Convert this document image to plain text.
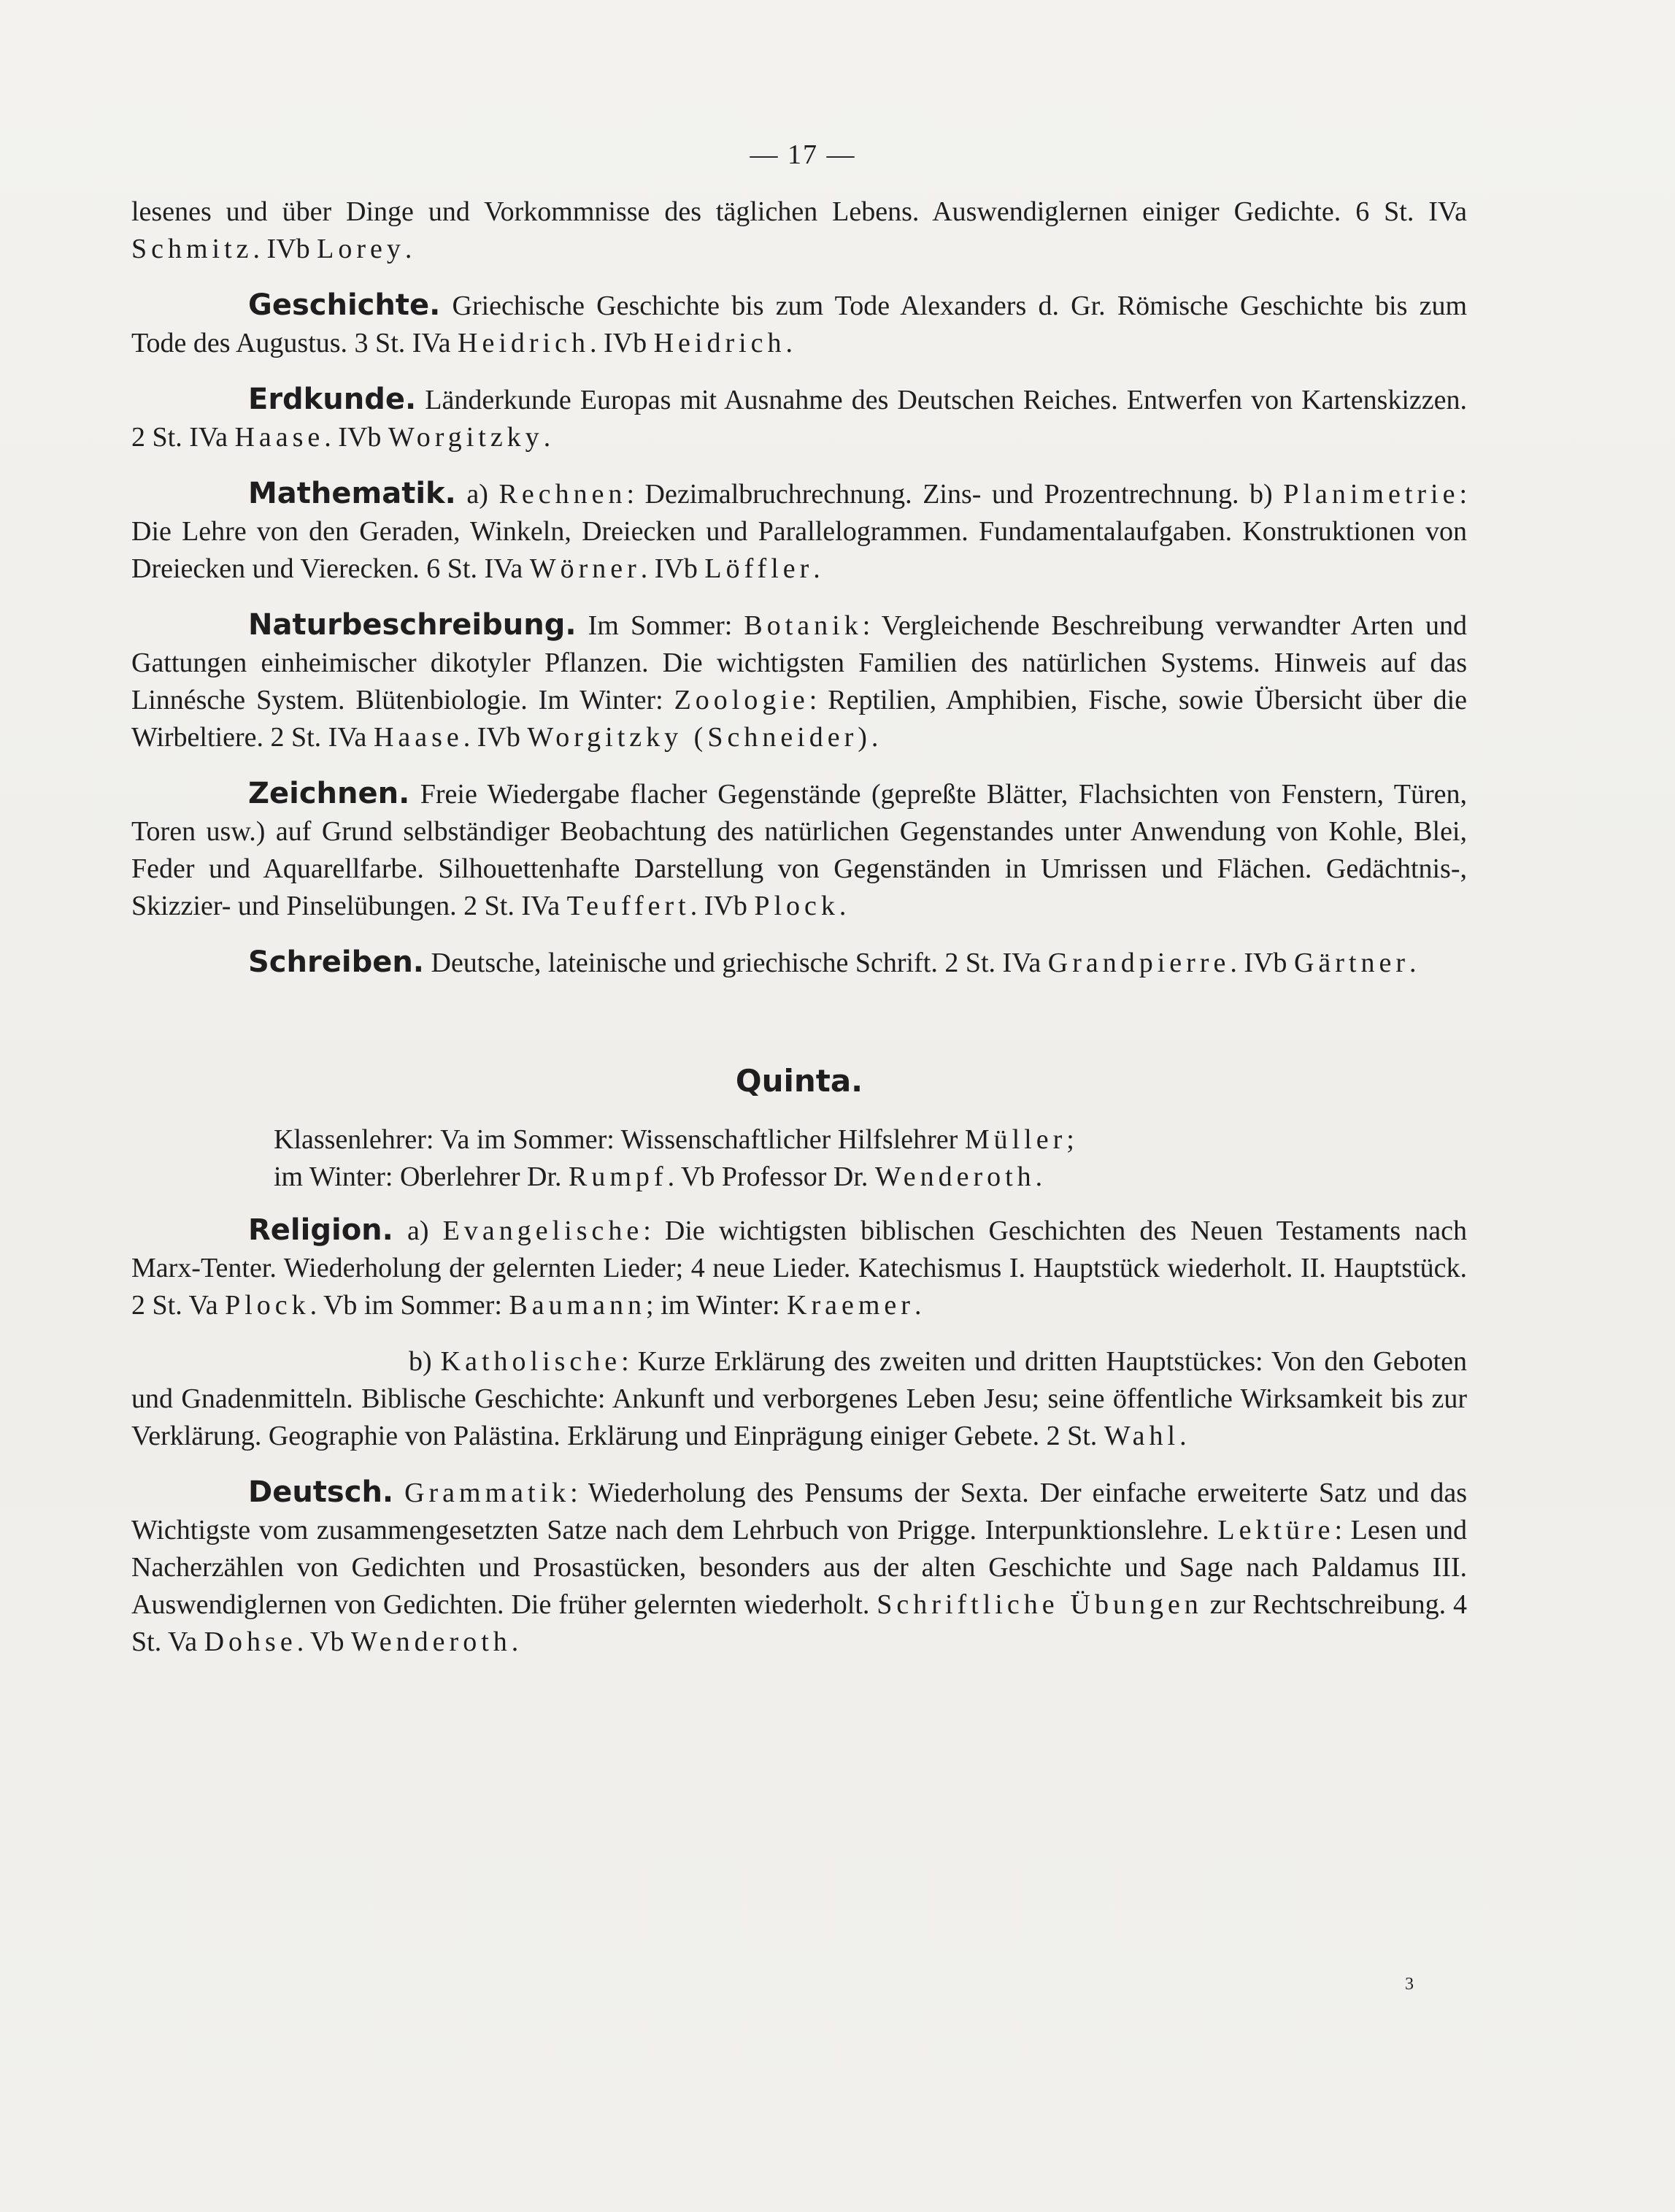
— 17 —

lesenes und über Dinge und Vorkommnisse des täglichen Lebens. Auswendiglernen einiger Gedichte. 6 St. IVa Schmitz. IVb Lorey.

Geschichte. Griechische Geschichte bis zum Tode Alexanders d. Gr. Römische Geschichte bis zum Tode des Augustus. 3 St. IVa Heidrich. IVb Heidrich.

Erdkunde. Länderkunde Europas mit Ausnahme des Deutschen Reiches. Entwerfen von Kartenskizzen. 2 St. IVa Haase. IVb Worgitzky.

Mathematik. a) Rechnen: Dezimalbruchrechnung. Zins- und Prozentrechnung. b) Planimetrie: Die Lehre von den Geraden, Winkeln, Dreiecken und Parallelogrammen. Fundamentalaufgaben. Konstruktionen von Dreiecken und Vierecken. 6 St. IVa Wörner. IVb Löffler.

Naturbeschreibung. Im Sommer: Botanik: Vergleichende Beschreibung verwandter Arten und Gattungen einheimischer dikotyler Pflanzen. Die wichtigsten Familien des natürlichen Systems. Hinweis auf das Linnésche System. Blütenbiologie. Im Winter: Zoologie: Reptilien, Amphibien, Fische, sowie Übersicht über die Wirbeltiere. 2 St. IVa Haase. IVb Worgitzky (Schneider).

Zeichnen. Freie Wiedergabe flacher Gegenstände (gepreßte Blätter, Flachsichten von Fenstern, Türen, Toren usw.) auf Grund selbständiger Beobachtung des natürlichen Gegenstandes unter Anwendung von Kohle, Blei, Feder und Aquarellfarbe. Silhouettenhafte Darstellung von Gegenständen in Umrissen und Flächen. Gedächtnis-, Skizzier- und Pinselübungen. 2 St. IVa Teuffert. IVb Plock.

Schreiben. Deutsche, lateinische und griechische Schrift. 2 St. IVa Grandpierre. IVb Gärtner.

Quinta.
Klassenlehrer: Va im Sommer: Wissenschaftlicher Hilfslehrer Müller;
im Winter: Oberlehrer Dr. Rumpf. Vb Professor Dr. Wenderoth.

Religion. a) Evangelische: Die wichtigsten biblischen Geschichten des Neuen Testaments nach Marx-Tenter. Wiederholung der gelernten Lieder; 4 neue Lieder. Katechismus I. Hauptstück wiederholt. II. Hauptstück. 2 St. Va Plock. Vb im Sommer: Baumann; im Winter: Kraemer.

b) Katholische: Kurze Erklärung des zweiten und dritten Hauptstückes: Von den Geboten und Gnadenmitteln. Biblische Geschichte: Ankunft und verborgenes Leben Jesu; seine öffentliche Wirksamkeit bis zur Verklärung. Geographie von Palästina. Erklärung und Einprägung einiger Gebete. 2 St. Wahl.

Deutsch. Grammatik: Wiederholung des Pensums der Sexta. Der einfache erweiterte Satz und das Wichtigste vom zusammengesetzten Satze nach dem Lehrbuch von Prigge. Interpunktionslehre. Lektüre: Lesen und Nacherzählen von Gedichten und Prosastücken, besonders aus der alten Geschichte und Sage nach Paldamus III. Auswendiglernen von Gedichten. Die früher gelernten wiederholt. Schriftliche Übungen zur Rechtschreibung. 4 St. Va Dohse. Vb Wenderoth.

3
